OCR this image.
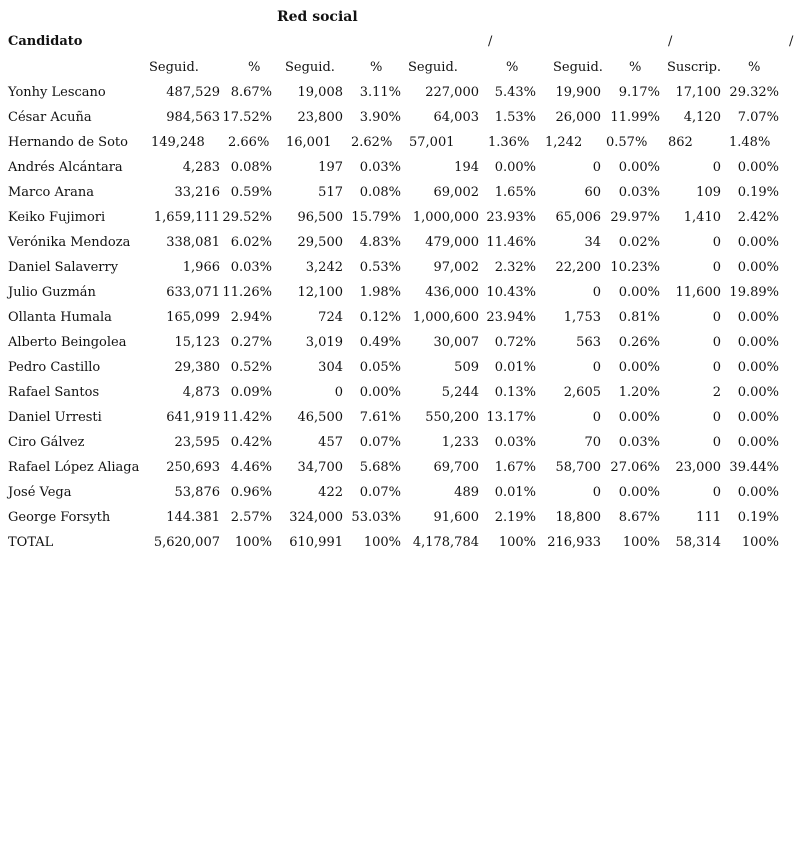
Red social
Candidato	/	/	/
Seguid.	% Seguid.	% Seguid.	%	Seguid. % Suscrip. %
Yonhy Lescano	487,529 8.67% 19,008 3.11% 227,000 5.43% 19,900 9.17% 17,100 29.32%
César Acuña	984,563 17.52% 23,800 3.90%	64,003 1.53% 26,000 11.99% 4,120 7.07%
Hernando de Soto 149,248 2.66% 16,001 2.62% 57,001	1.36% 1,242 0.57% 862	1.48%
Andrés Alcántara	4,283 0.08%	197 0.03%	194 0.00%	0 0.00%	0 0.00%
Marco Arana	33,216 0.59%	517 0.08%	69,002 1.65%	60 0.03%	109 0.19%
Keiko Fujimori	1,659,111 29.52% 96,500 15.79% 1,000,000 23.93% 65,006 29.97% 1,410 2.42%
Verónika Mendoza	338,081 6.02% 29,500 4.83% 479,000 11.46%	34 0.02%	0 0.00%
Daniel Salaverry	1,966 0.03%	3,242 0.53%	97,002 2.32% 22,200 10.23%	0 0.00%
Julio Guzmán	633,071 11.26% 12,100 1.98% 436,000 10.43%	0 0.00% 11,600 19.89%
Ollanta Humala	165,099 2.94%	724 0.12% 1,000,600 23.94% 1,753 0.81%	0 0.00%
Alberto Beingolea	15,123 0.27%	3,019 0.49%	30,007 0.72%	563 0.26%	0 0.00%
Pedro Castillo	29,380 0.52%	304 0.05%	509 0.01%	0 0.00%	0 0.00%
Rafael Santos	4,873 0.09%	0 0.00%	5,244 0.13% 2,605 1.20%	2 0.00%
Daniel Urresti	641,919 11.42% 46,500 7.61% 550,200 13.17%	0 0.00%	0 0.00%
Ciro Gálvez	23,595 0.42%	457 0.07%	1,233 0.03%	70 0.03%	0 0.00%
Rafael López Aliaga 250,693 4.46% 34,700 5.68%	69,700 1.67% 58,700 27.06% 23,000 39.44%
José Vega	53,876 0.96%	422 0.07%	489 0.01%	0 0.00%	0 0.00%
George Forsyth	144.381 2.57% 324,000 53.03%	91,600 2.19% 18,800 8.67%	111 0.19%
TOTAL	5,620,007 100% 610,991 100% 4,178,784 100% 216,933 100% 58,314 100%
